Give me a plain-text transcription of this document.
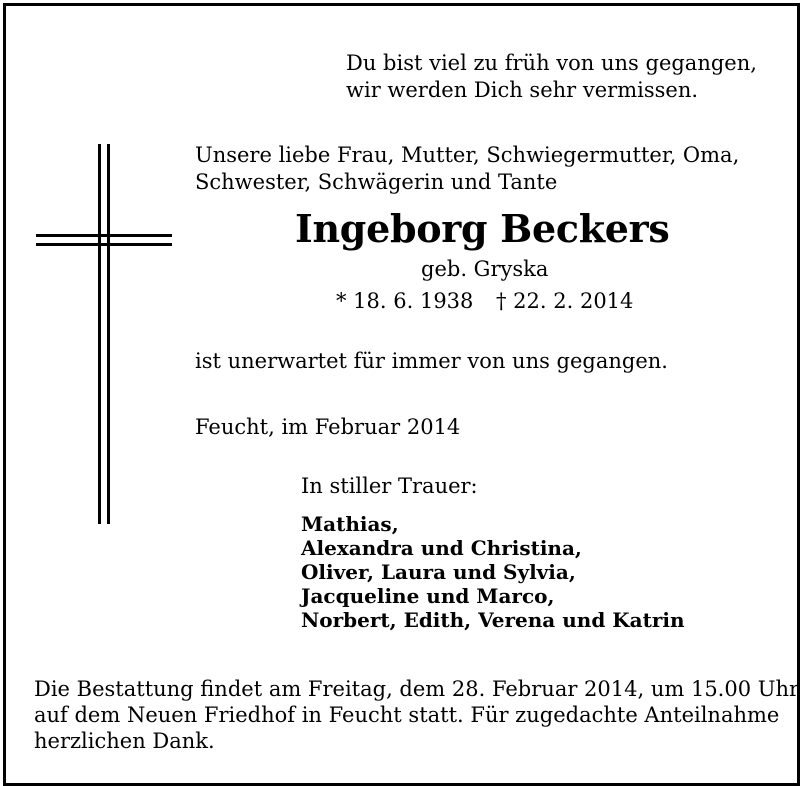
Du bist viel zu früh von uns gegangen,
wir werden Dich sehr vermissen.
Unsere liebe Frau, Mutter, Schwiegermutter, Oma,
Schwester, Schwägerin und Tante
Ingeborg Beckers
geb. Gryska
* 18. 6. 1938 † 22. 2. 2014
ist unerwartet für immer von uns gegangen.
Feucht, im Februar 2014
In stiller Trauer:
Mathias,
Alexandra und Christina,
Oliver, Laura und Sylvia,
Jacqueline und Marco,
Norbert, Edith, Verena und Katrin
Die Bestattung findet am Freitag, dem 28. Februar 2014, um 15.00 Uhr
auf dem Neuen Friedhof in Feucht statt. Für zugedachte Anteilnahme
herzlichen Dank.
